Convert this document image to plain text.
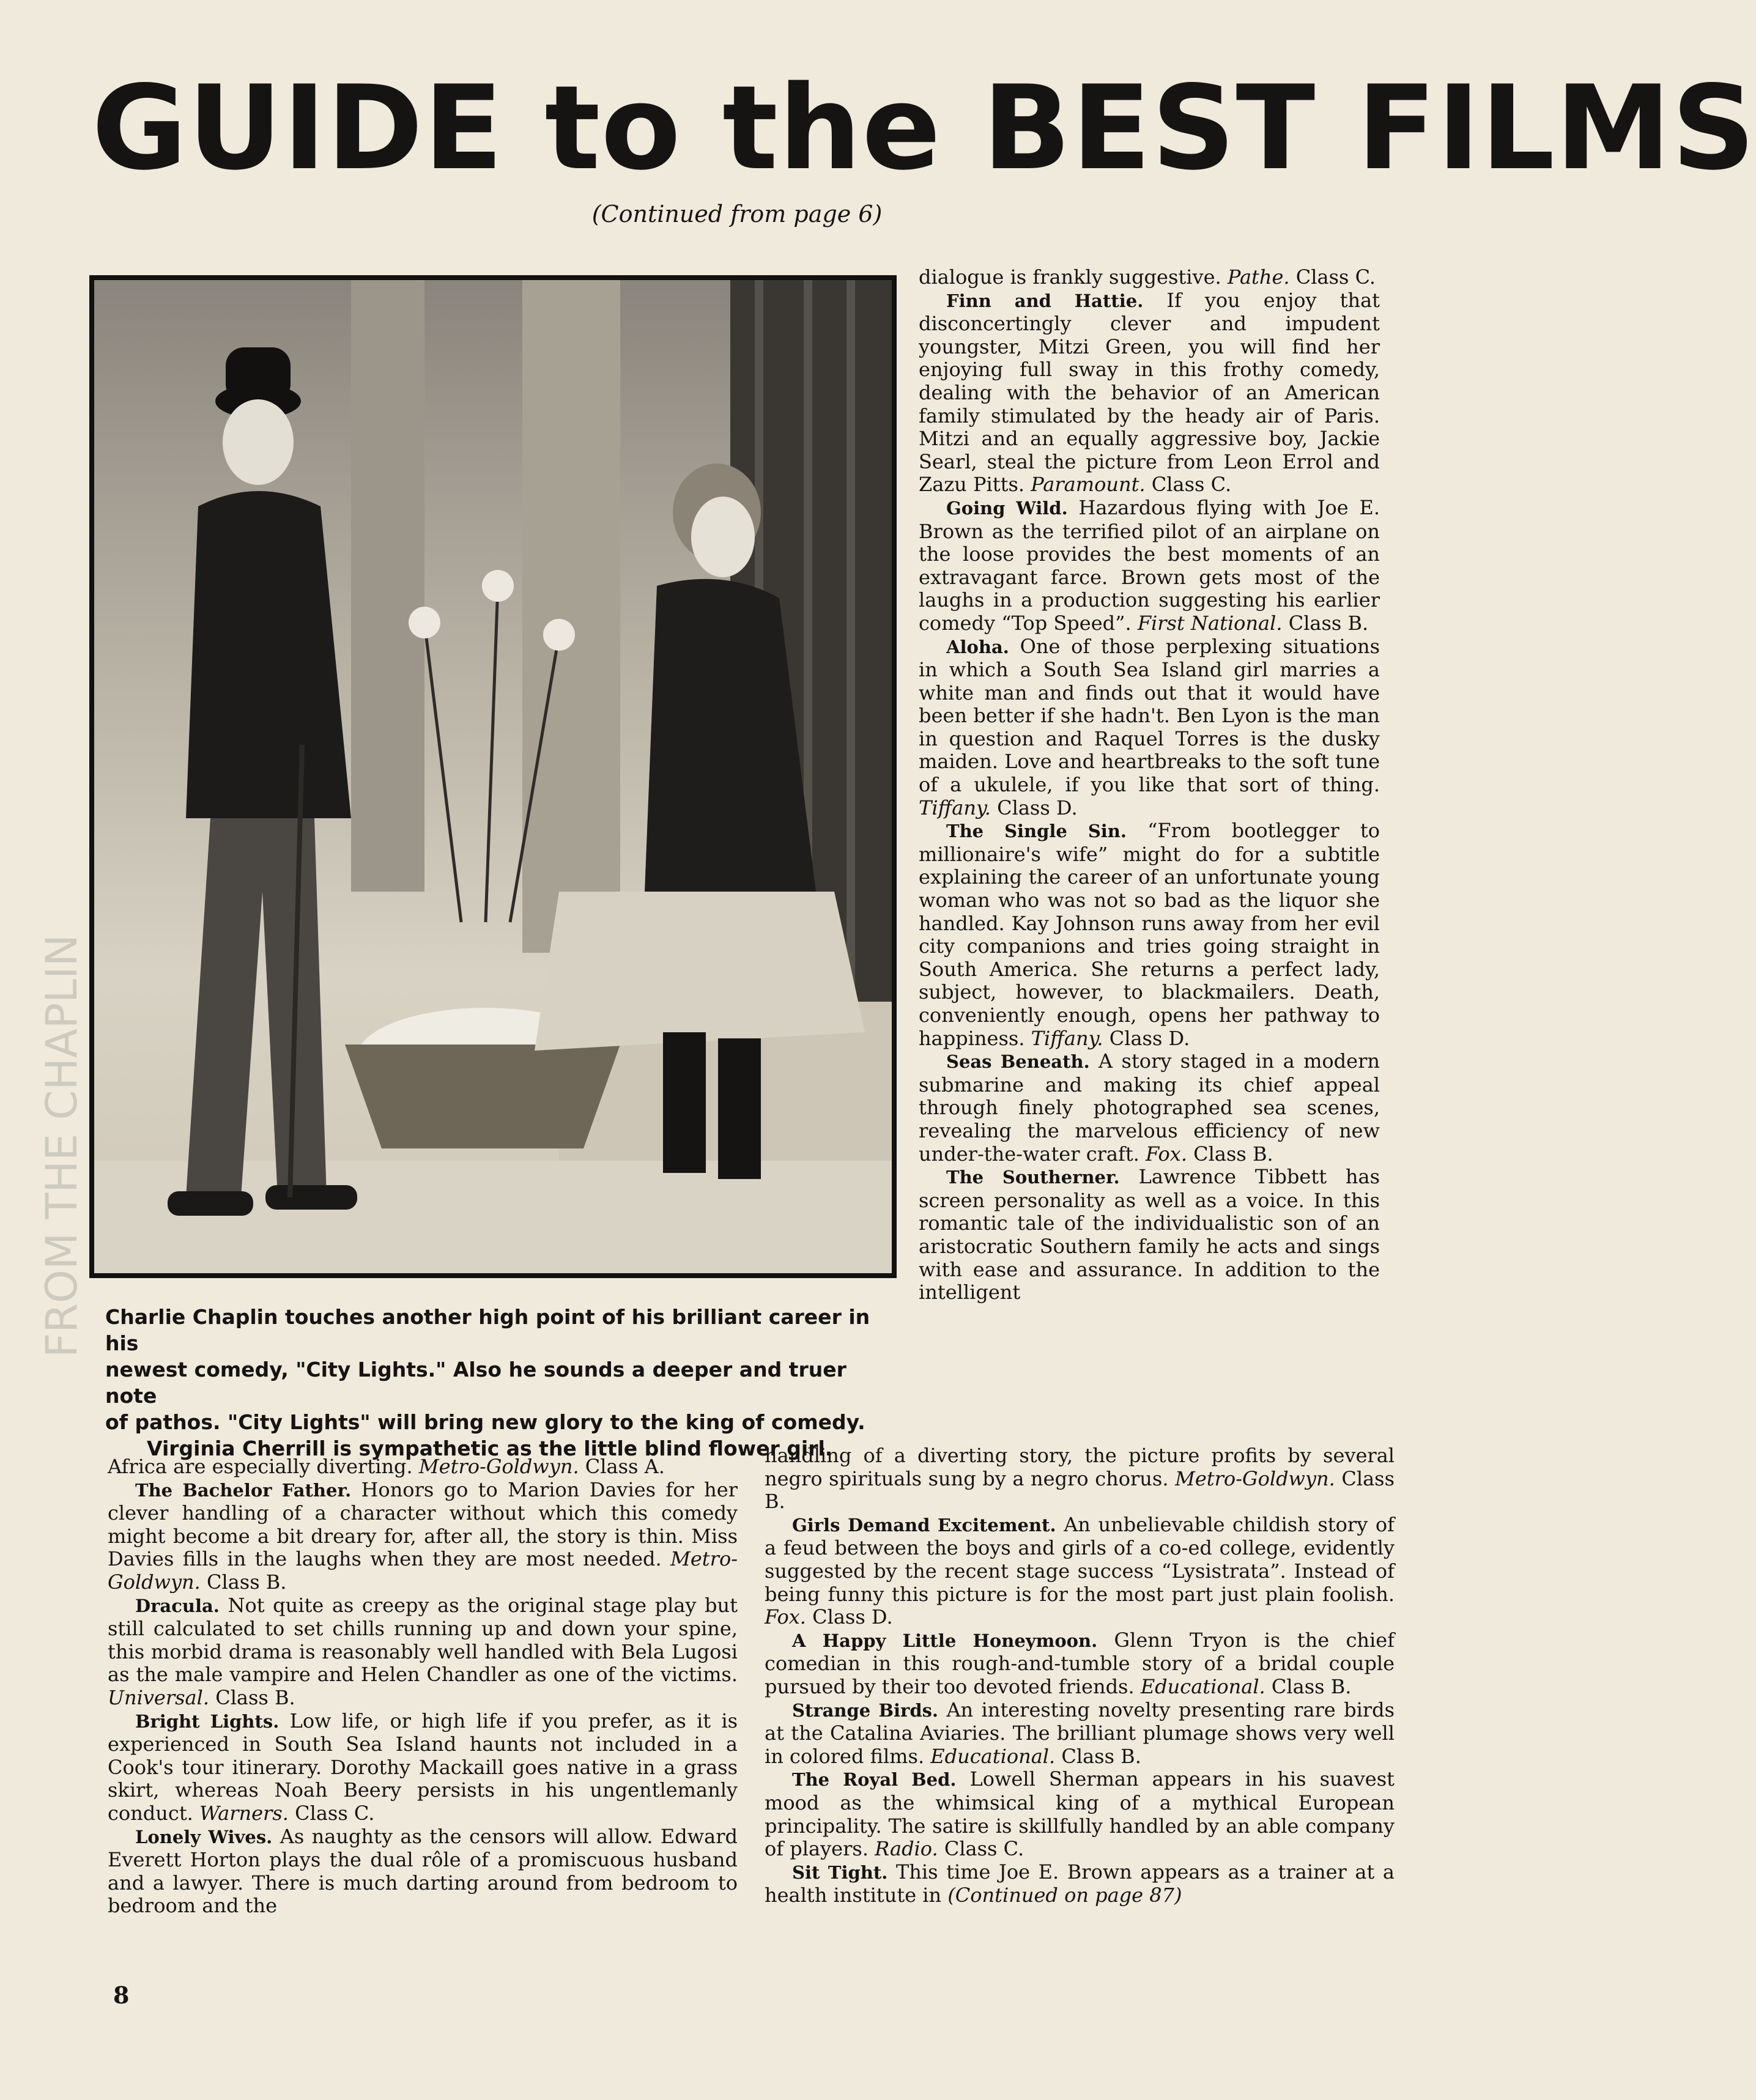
GUIDE to the BEST FILMS
(Continued from page 6)
FROM THE CHAPLIN Charlie Chaplin touches another high point of his brilliant career in his

newest comedy, "City Lights." Also he sounds a deeper and truer note

of pathos. "City Lights" will bring new glory to the king of comedy.

Virginia Cherrill is sympathetic as the little blind flower girl.

dialogue is frankly suggestive. Pathe. Class C.

Finn and Hattie. If you enjoy that disconcertingly clever and impudent youngster, Mitzi Green, you will find her enjoying full sway in this frothy comedy, dealing with the behavior of an American family stimulated by the heady air of Paris. Mitzi and an equally aggressive boy, Jackie Searl, steal the picture from Leon Errol and Zazu Pitts. Paramount. Class C.

Going Wild. Hazardous flying with Joe E. Brown as the terrified pilot of an airplane on the loose provides the best moments of an extravagant farce. Brown gets most of the laughs in a production suggesting his earlier comedy “Top Speed”. First National. Class B.

Aloha. One of those perplexing situations in which a South Sea Island girl marries a white man and finds out that it would have been better if she hadn't. Ben Lyon is the man in question and Raquel Torres is the dusky maiden. Love and heartbreaks to the soft tune of a ukulele, if you like that sort of thing. Tiffany. Class D.

The Single Sin. “From bootlegger to millionaire's wife” might do for a subtitle explaining the career of an unfortunate young woman who was not so bad as the liquor she handled. Kay Johnson runs away from her evil city companions and tries going straight in South America. She returns a perfect lady, subject, however, to blackmailers. Death, conveniently enough, opens her pathway to happiness. Tiffany. Class D.

Seas Beneath. A story staged in a modern submarine and making its chief appeal through finely photographed sea scenes, revealing the marvelous efficiency of new under-the-water craft. Fox. Class B.

The Southerner. Lawrence Tibbett has screen personality as well as a voice. In this romantic tale of the individualistic son of an aristocratic Southern family he acts and sings with ease and assurance. In addition to the intelligent

Africa are especially diverting. Metro-Goldwyn. Class A.

The Bachelor Father. Honors go to Marion Davies for her clever handling of a character without which this comedy might become a bit dreary for, after all, the story is thin. Miss Davies fills in the laughs when they are most needed. Metro-Goldwyn. Class B.

Dracula. Not quite as creepy as the original stage play but still calculated to set chills running up and down your spine, this morbid drama is reasonably well handled with Bela Lugosi as the male vampire and Helen Chandler as one of the victims. Universal. Class B.

Bright Lights. Low life, or high life if you prefer, as it is experienced in South Sea Island haunts not included in a Cook's tour itinerary. Dorothy Mackaill goes native in a grass skirt, whereas Noah Beery persists in his ungentlemanly conduct. Warners. Class C.

Lonely Wives. As naughty as the censors will allow. Edward Everett Horton plays the dual rôle of a promiscuous husband and a lawyer. There is much darting around from bedroom to bedroom and the

handling of a diverting story, the picture profits by several negro spirituals sung by a negro chorus. Metro-Goldwyn. Class B.

Girls Demand Excitement. An unbelievable childish story of a feud between the boys and girls of a co-ed college, evidently suggested by the recent stage success “Lysistrata”. Instead of being funny this picture is for the most part just plain foolish. Fox. Class D.

A Happy Little Honeymoon. Glenn Tryon is the chief comedian in this rough-and-tumble story of a bridal couple pursued by their too devoted friends. Educational. Class B.

Strange Birds. An interesting novelty presenting rare birds at the Catalina Aviaries. The brilliant plumage shows very well in colored films. Educational. Class B.

The Royal Bed. Lowell Sherman appears in his suavest mood as the whimsical king of a mythical European principality. The satire is skillfully handled by an able company of players. Radio. Class C.

Sit Tight. This time Joe E. Brown appears as a trainer at a health institute in (Continued on page 87)

8
